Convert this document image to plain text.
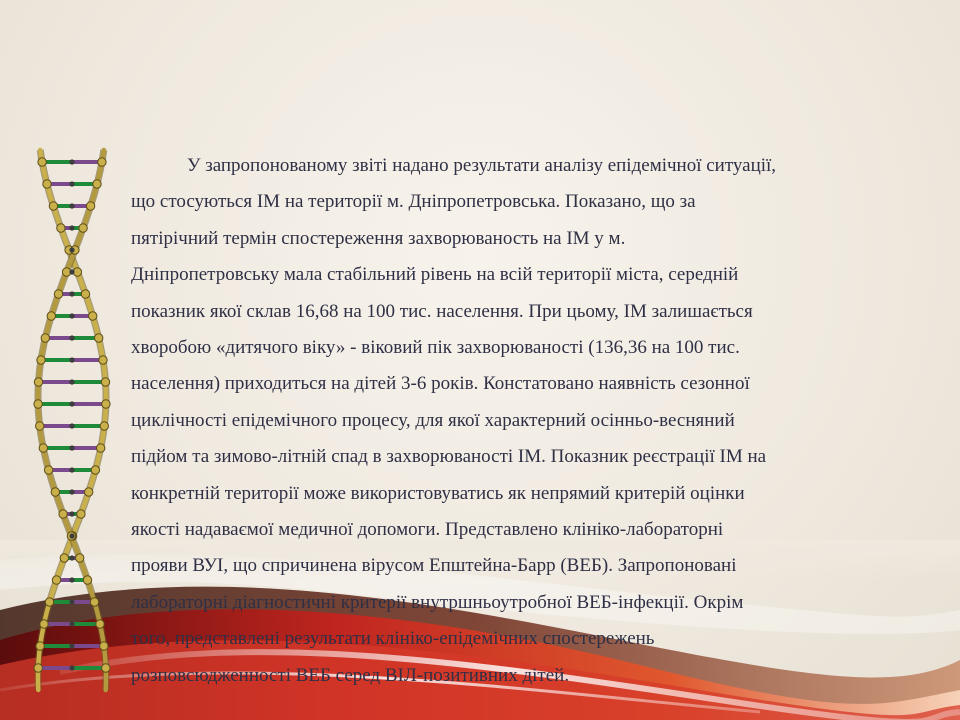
У запропонованому звіті надано результати аналізу епідемічної ситуації,
що стосуються ІМ на території м. Дніпропетровська. Показано, що за
пятірічний термін спостереження захворюваность на ІМ у м.
Дніпропетровську мала стабільний рівень на всій території міста, середній
показник якої склав 16,68 на 100 тис. населення. При цьому, ІМ залишається
хворобою «дитячого віку» - віковий пік захворюваності (136,36 на 100 тис.
населення) приходиться на дітей 3-6 років. Констатовано наявність сезонної
циклічності епідемічного процесу, для якої характерний осінньо-весняний
підйом та зимово-літній спад в захворюваності ІМ. Показник реєстрації ІМ на
конкретній території може використовуватись як непрямий критерій оцінки
якості надаваємої медичної допомоги. Представлено клініко-лабораторні
прояви ВУІ, що спричинена вірусом Епштейна-Барр (ВЕБ). Запропоновані
лабораторні діагностичні критерії внутршньоутробної ВЕБ-інфекції. Окрім
того, представлені результати клініко-епідемічних спостережень
розповсюдженності ВЕБ серед ВІЛ-позитивних дітей.
